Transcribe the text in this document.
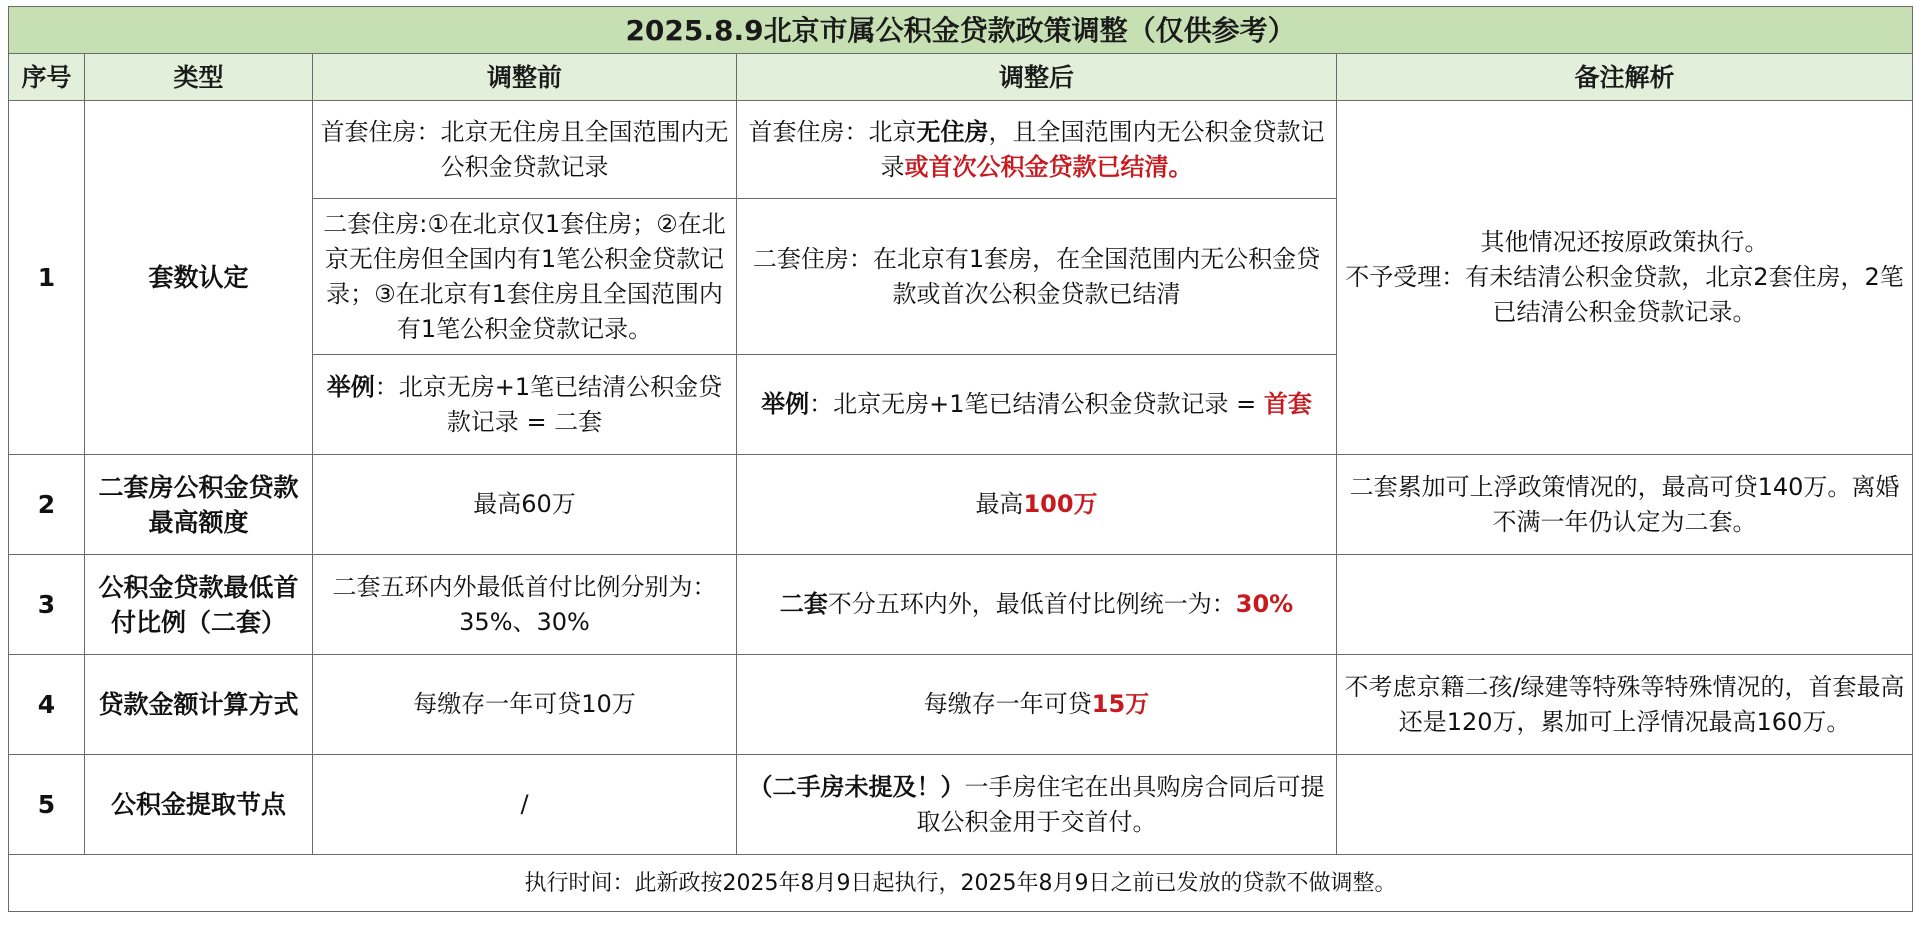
2025.8.9北京市属公积金贷款政策调整（仅供参考）				
序号	类型	调整前	调整后	备注解析
1	套数认定	首套住房：北京无住房且全国范围内无公积金贷款记录	首套住房：北京无住房，且全国范围内无公积金贷款记录或首次公积金贷款已结清。	其他情况还按原政策执行。
不予受理：有未结清公积金贷款，北京2套住房，2笔已结清公积金贷款记录。

		二套住房:①在北京仅1套住房；②在北京无住房但全国内有1笔公积金贷款记录；③在北京有1套住房且全国范围内有1笔公积金贷款记录。	二套住房：在北京有1套房，在全国范围内无公积金贷款或首次公积金贷款已结清	
		举例：北京无房+1笔已结清公积金贷款记录 = 二套	举例：北京无房+1笔已结清公积金贷款记录 = 首套	
2	二套房公积金贷款最高额度	最高60万	最高100万	二套累加可上浮政策情况的，最高可贷140万。离婚不满一年仍认定为二套。
3	公积金贷款最低首付比例（二套）	二套五环内外最低首付比例分别为：35%、30%	二套不分五环内外，最低首付比例统一为：30%	
4	贷款金额计算方式	每缴存一年可贷10万	每缴存一年可贷15万	不考虑京籍二孩/绿建等特殊等特殊情况的，首套最高还是120万，累加可上浮情况最高160万。
5	公积金提取节点	/	（二手房未提及！）一手房住宅在出具购房合同后可提取公积金用于交首付。	
执行时间：此新政按2025年8月9日起执行，2025年8月9日之前已发放的贷款不做调整。				
